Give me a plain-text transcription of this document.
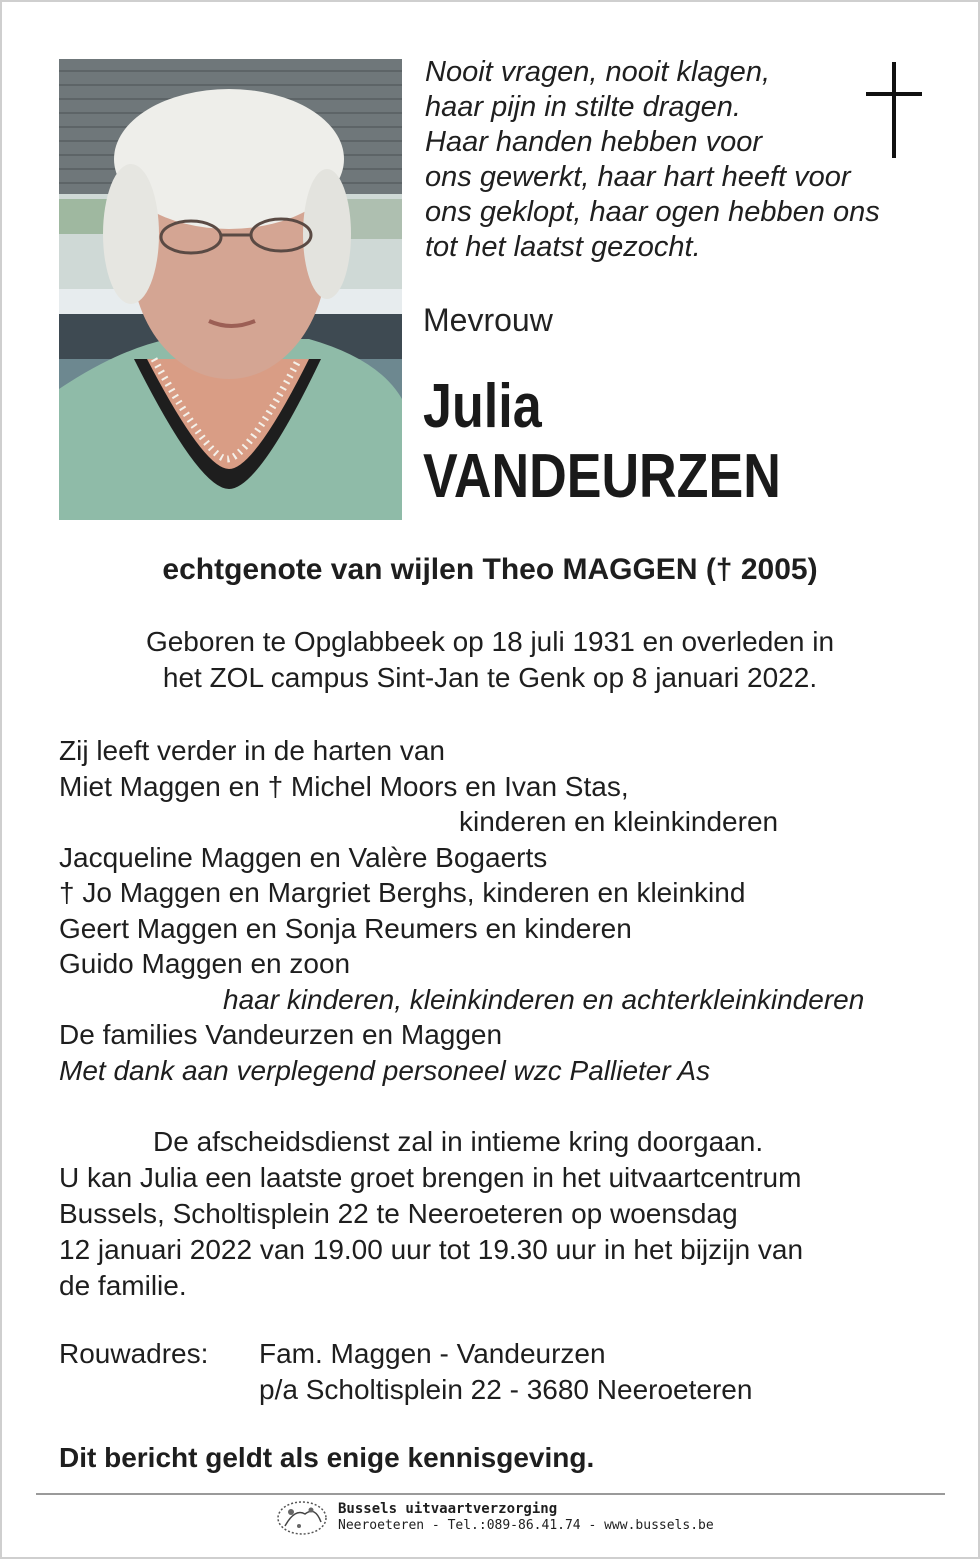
Nooit vragen, nooit klagen,
haar pijn in stilte dragen.
Haar handen hebben voor
ons gewerkt, haar hart heeft voor
ons geklopt, haar ogen hebben ons
tot het laatst gezocht.
Mevrouw
Julia
VANDEURZEN
echtgenote van wijlen Theo MAGGEN († 2005)
Geboren te Opglabbeek op 18 juli 1931 en overleden in
het ZOL campus Sint-Jan te Genk op 8 januari 2022.
Zij leeft verder in de harten van
Miet Maggen en † Michel Moors en Ivan Stas,
kinderen en kleinkinderen
Jacqueline Maggen en Valère Bogaerts
† Jo Maggen en Margriet Berghs, kinderen en kleinkind
Geert Maggen en Sonja Reumers en kinderen
Guido Maggen en zoon
haar kinderen, kleinkinderen en achterkleinkinderen
De families Vandeurzen en Maggen
Met dank aan verplegend personeel wzc Pallieter As
De afscheidsdienst zal in intieme kring doorgaan.
U kan Julia een laatste groet brengen in het uitvaartcentrum
Bussels, Scholtisplein 22 te Neeroeteren op woensdag
12 januari 2022 van 19.00 uur tot 19.30 uur in het bijzijn van
de familie.
Rouwadres: Fam. Maggen - Vandeurzen
p/a Scholtisplein 22 - 3680 Neeroeteren
Dit bericht geldt als enige kennisgeving.
Bussels uitvaartverzorging
Neeroeteren - Tel.:089-86.41.74 - www.bussels.be
